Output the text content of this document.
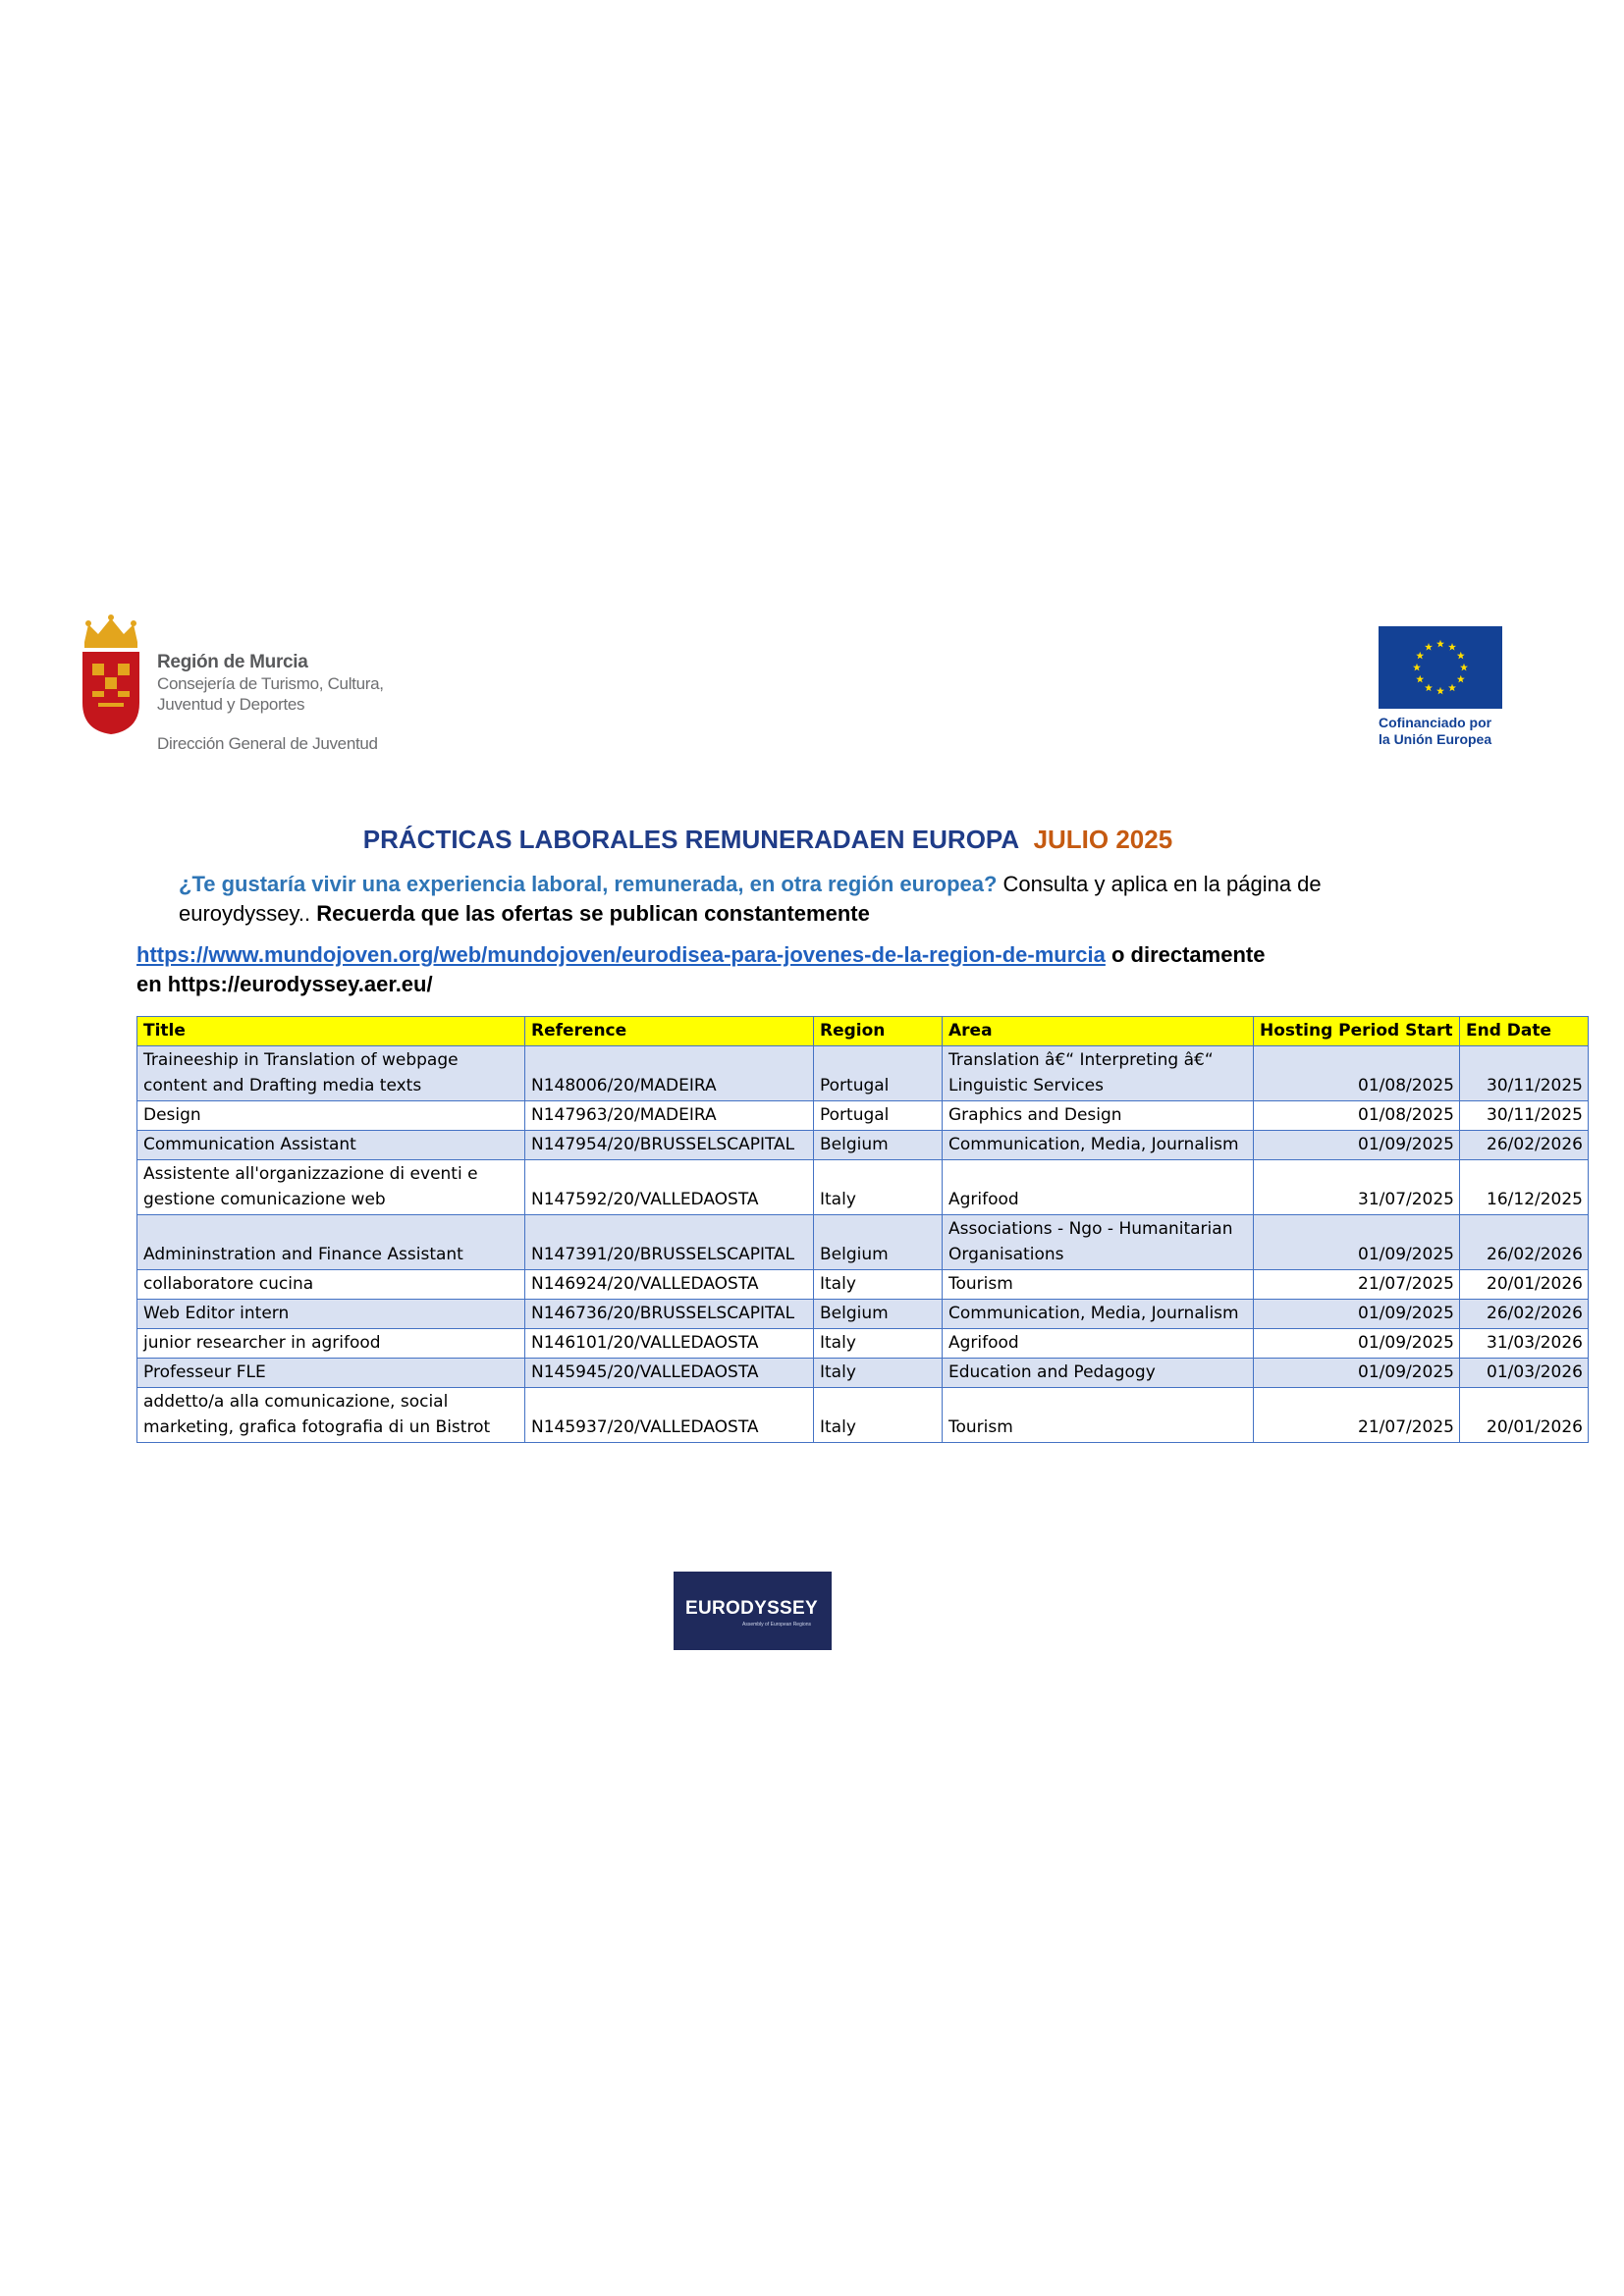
Región de Murcia
Consejería de Turismo, Cultura,
Juventud y Deportes
Dirección General de Juventud
Cofinanciado por
la Unión Europea
PRÁCTICAS LABORALES REMUNERADAEN EUROPA JULIO 2025
¿Te gustaría vivir una experiencia laboral, remunerada, en otra región europea? Consulta y aplica en la página de euroydyssey.. Recuerda que las ofertas se publican constantemente
https://www.mundojoven.org/web/mundojoven/eurodisea-para-jovenes-de-la-region-de-murcia o directamente
en https://eurodyssey.aer.eu/
Title	Reference	Region	Area	Hosting Period Start	End Date
Traineeship in Translation of webpage content and Drafting media texts	N148006/20/MADEIRA	Portugal	Translation â€“ Interpreting â€“ Linguistic Services	01/08/2025	30/11/2025
Design	N147963/20/MADEIRA	Portugal	Graphics and Design	01/08/2025	30/11/2025
Communication Assistant	N147954/20/BRUSSELSCAPITAL	Belgium	Communication, Media, Journalism	01/09/2025	26/02/2026
Assistente all'organizzazione di eventi e gestione comunicazione web	N147592/20/VALLEDAOSTA	Italy	Agrifood	31/07/2025	16/12/2025
Admininstration and Finance Assistant	N147391/20/BRUSSELSCAPITAL	Belgium	Associations - Ngo - Humanitarian Organisations	01/09/2025	26/02/2026
collaboratore cucina	N146924/20/VALLEDAOSTA	Italy	Tourism	21/07/2025	20/01/2026
Web Editor intern	N146736/20/BRUSSELSCAPITAL	Belgium	Communication, Media, Journalism	01/09/2025	26/02/2026
junior researcher in agrifood	N146101/20/VALLEDAOSTA	Italy	Agrifood	01/09/2025	31/03/2026
Professeur FLE	N145945/20/VALLEDAOSTA	Italy	Education and Pedagogy	01/09/2025	01/03/2026
addetto/a alla comunicazione, social marketing, grafica fotografia di un Bistrot	N145937/20/VALLEDAOSTA	Italy	Tourism	21/07/2025	20/01/2026
EURODYSSEY
Assembly of European Regions
